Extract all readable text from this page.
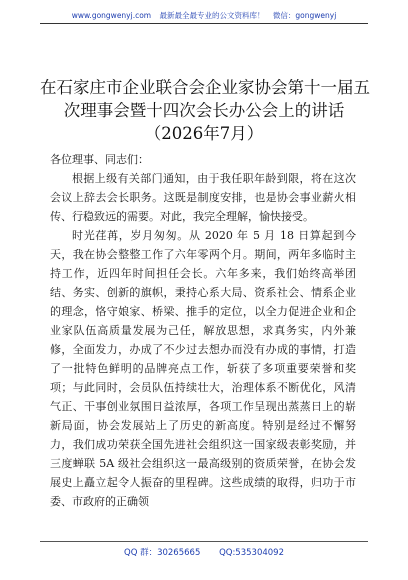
www.gongwenyj.com 最新最全最专业的公文资料库！ 微信：gongwenyj
在石家庄市企业联合会企业家协会第十一届五
次理事会暨十四次会长办公会上的讲话
（2026年7月）

各位理事、同志们：

根据上级有关部门通知，由于我任职年龄到限，将在这次会议上辞去会长职务。这既是制度安排，也是协会事业薪火相传、行稳致远的需要。对此，我完全理解，愉快接受。

时光荏苒，岁月匆匆。从 2020 年 5 月 18 日算起到今天，我在协会整整工作了六年零两个月。期间，两年多临时主持工作，近四年时间担任会长。六年多来，我们始终高举团结、务实、创新的旗帜，秉持心系大局、资系社会、情系企业的理念，恪守娘家、桥梁、推手的定位，以全力促进企业和企业家队伍高质量发展为己任，解放思想，求真务实，内外兼修，全面发力，办成了不少过去想办而没有办成的事情，打造了一批特色鲜明的品牌亮点工作，斩获了多项重要荣誉和奖项；与此同时，会员队伍持续壮大，治理体系不断优化，风清气正、干事创业氛围日益浓厚，各项工作呈现出蒸蒸日上的崭新局面，协会发展站上了历史的新高度。特别是经过不懈努力，我们成功荣获全国先进社会组织这一国家级表彰奖励，并三度蝉联 5A 级社会组织这一最高级别的资质荣誉，在协会发展史上矗立起令人振奋的里程碑。这些成绩的取得，归功于市委、市政府的正确领

QQ 群：30265665 QQ:535304092
